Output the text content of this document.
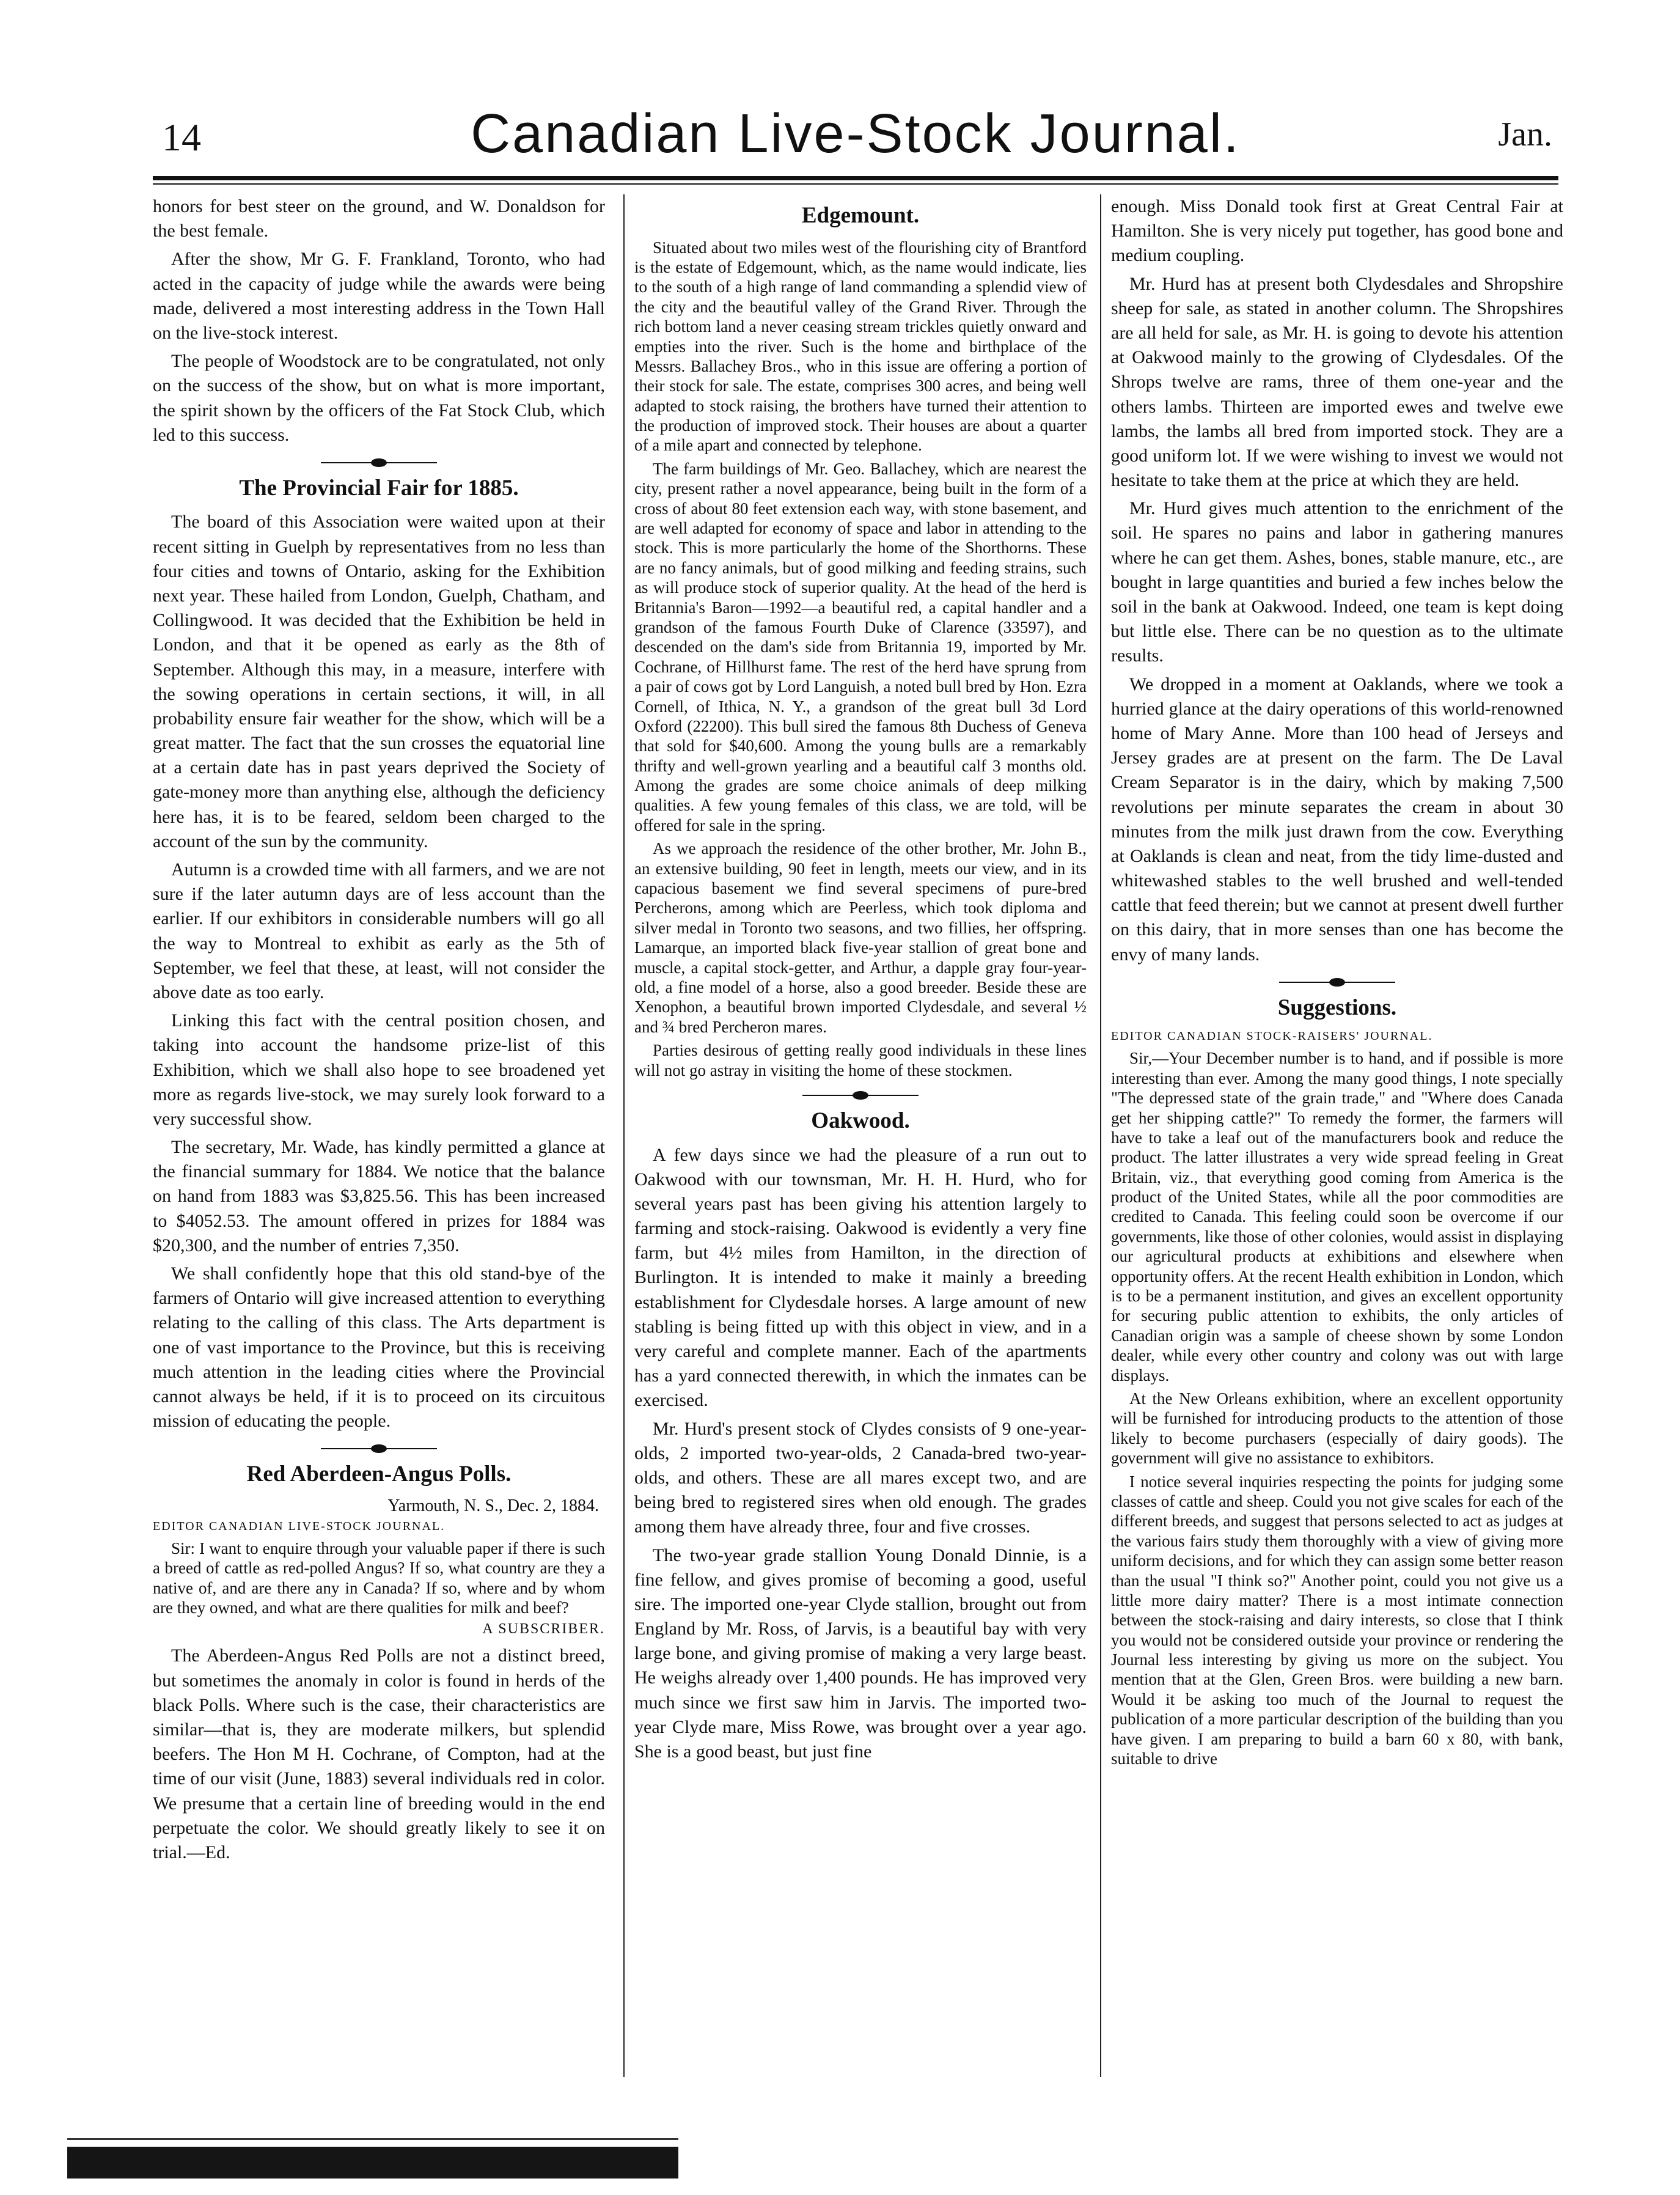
14	Canadian Live-Stock Journal.	Jan.

honors for best steer on the ground, and W. Donaldson for the best female.

After the show, Mr G. F. Frankland, Toronto, who had acted in the capacity of judge while the awards were being made, delivered a most interesting address in the Town Hall on the live-stock interest.

The people of Woodstock are to be congratulated, not only on the success of the show, but on what is more important, the spirit shown by the officers of the Fat Stock Club, which led to this success.

The Provincial Fair for 1885.

The board of this Association were waited upon at their recent sitting in Guelph by representatives from no less than four cities and towns of Ontario, asking for the Exhibition next year. These hailed from London, Guelph, Chatham, and Collingwood. It was decided that the Exhibition be held in London, and that it be opened as early as the 8th of September. Although this may, in a measure, interfere with the sowing operations in certain sections, it will, in all probability ensure fair weather for the show, which will be a great matter. The fact that the sun crosses the equatorial line at a certain date has in past years deprived the Society of gate-money more than anything else, although the deficiency here has, it is to be feared, seldom been charged to the account of the sun by the community.

Autumn is a crowded time with all farmers, and we are not sure if the later autumn days are of less account than the earlier. If our exhibitors in considerable numbers will go all the way to Montreal to exhibit as early as the 5th of September, we feel that these, at least, will not consider the above date as too early.

Linking this fact with the central position chosen, and taking into account the handsome prize-list of this Exhibition, which we shall also hope to see broadened yet more as regards live-stock, we may surely look forward to a very successful show.

The secretary, Mr. Wade, has kindly permitted a glance at the financial summary for 1884. We notice that the balance on hand from 1883 was $3,825.56. This has been increased to $4052.53. The amount offered in prizes for 1884 was $20,300, and the number of entries 7,350.

We shall confidently hope that this old stand-bye of the farmers of Ontario will give increased attention to everything relating to the calling of this class. The Arts department is one of vast importance to the Province, but this is receiving much attention in the leading cities where the Provincial cannot always be held, if it is to proceed on its circuitous mission of educating the people.

Red Aberdeen-Angus Polls.

Yarmouth, N. S., Dec. 2, 1884.

EDITOR CANADIAN LIVE-STOCK JOURNAL.

Sir: I want to enquire through your valuable paper if there is such a breed of cattle as red-polled Angus? If so, what country are they a native of, and are there any in Canada? If so, where and by whom are they owned, and what are there qualities for milk and beef?

A SUBSCRIBER.

The Aberdeen-Angus Red Polls are not a distinct breed, but sometimes the anomaly in color is found in herds of the black Polls. Where such is the case, their characteristics are similar—that is, they are moderate milkers, but splendid beefers. The Hon M H. Cochrane, of Compton, had at the time of our visit (June, 1883) several individuals red in color. We presume that a certain line of breeding would in the end perpetuate the color. We should greatly likely to see it on trial.—Ed.

Edgemount.

Situated about two miles west of the flourishing city of Brantford is the estate of Edgemount, which, as the name would indicate, lies to the south of a high range of land commanding a splendid view of the city and the beautiful valley of the Grand River. Through the rich bottom land a never ceasing stream trickles quietly onward and empties into the river. Such is the home and birthplace of the Messrs. Ballachey Bros., who in this issue are offering a portion of their stock for sale. The estate, comprises 300 acres, and being well adapted to stock raising, the brothers have turned their attention to the production of improved stock. Their houses are about a quarter of a mile apart and connected by telephone.

The farm buildings of Mr. Geo. Ballachey, which are nearest the city, present rather a novel appearance, being built in the form of a cross of about 80 feet extension each way, with stone basement, and are well adapted for economy of space and labor in attending to the stock. This is more particularly the home of the Shorthorns. These are no fancy animals, but of good milking and feeding strains, such as will produce stock of superior quality. At the head of the herd is Britannia's Baron—1992—a beautiful red, a capital handler and a grandson of the famous Fourth Duke of Clarence (33597), and descended on the dam's side from Britannia 19, imported by Mr. Cochrane, of Hillhurst fame. The rest of the herd have sprung from a pair of cows got by Lord Languish, a noted bull bred by Hon. Ezra Cornell, of Ithica, N. Y., a grandson of the great bull 3d Lord Oxford (22200). This bull sired the famous 8th Duchess of Geneva that sold for $40,600. Among the young bulls are a remarkably thrifty and well-grown yearling and a beautiful calf 3 months old. Among the grades are some choice animals of deep milking qualities. A few young females of this class, we are told, will be offered for sale in the spring.

As we approach the residence of the other brother, Mr. John B., an extensive building, 90 feet in length, meets our view, and in its capacious basement we find several specimens of pure-bred Percherons, among which are Peerless, which took diploma and silver medal in Toronto two seasons, and two fillies, her offspring. Lamarque, an imported black five-year stallion of great bone and muscle, a capital stock-getter, and Arthur, a dapple gray four-year-old, a fine model of a horse, also a good breeder. Beside these are Xenophon, a beautiful brown imported Clydesdale, and several ½ and ¾ bred Percheron mares.

Parties desirous of getting really good individuals in these lines will not go astray in visiting the home of these stockmen.

Oakwood.

A few days since we had the pleasure of a run out to Oakwood with our townsman, Mr. H. H. Hurd, who for several years past has been giving his attention largely to farming and stock-raising. Oakwood is evidently a very fine farm, but 4½ miles from Hamilton, in the direction of Burlington. It is intended to make it mainly a breeding establishment for Clydesdale horses. A large amount of new stabling is being fitted up with this object in view, and in a very careful and complete manner. Each of the apartments has a yard connected therewith, in which the inmates can be exercised.

Mr. Hurd's present stock of Clydes consists of 9 one-year-olds, 2 imported two-year-olds, 2 Canada-bred two-year-olds, and others. These are all mares except two, and are being bred to registered sires when old enough. The grades among them have already three, four and five crosses.

The two-year grade stallion Young Donald Dinnie, is a fine fellow, and gives promise of becoming a good, useful sire. The imported one-year Clyde stallion, brought out from England by Mr. Ross, of Jarvis, is a beautiful bay with very large bone, and giving promise of making a very large beast. He weighs already over 1,400 pounds. He has improved very much since we first saw him in Jarvis. The imported two-year Clyde mare, Miss Rowe, was brought over a year ago. She is a good beast, but just fine

enough. Miss Donald took first at Great Central Fair at Hamilton. She is very nicely put together, has good bone and medium coupling.

Mr. Hurd has at present both Clydesdales and Shropshire sheep for sale, as stated in another column. The Shropshires are all held for sale, as Mr. H. is going to devote his attention at Oakwood mainly to the growing of Clydesdales. Of the Shrops twelve are rams, three of them one-year and the others lambs. Thirteen are imported ewes and twelve ewe lambs, the lambs all bred from imported stock. They are a good uniform lot. If we were wishing to invest we would not hesitate to take them at the price at which they are held.

Mr. Hurd gives much attention to the enrichment of the soil. He spares no pains and labor in gathering manures where he can get them. Ashes, bones, stable manure, etc., are bought in large quantities and buried a few inches below the soil in the bank at Oakwood. Indeed, one team is kept doing but little else. There can be no question as to the ultimate results.

We dropped in a moment at Oaklands, where we took a hurried glance at the dairy operations of this world-renowned home of Mary Anne. More than 100 head of Jerseys and Jersey grades are at present on the farm. The De Laval Cream Separator is in the dairy, which by making 7,500 revolutions per minute separates the cream in about 30 minutes from the milk just drawn from the cow. Everything at Oaklands is clean and neat, from the tidy lime-dusted and whitewashed stables to the well brushed and well-tended cattle that feed therein; but we cannot at present dwell further on this dairy, that in more senses than one has become the envy of many lands.

Suggestions.

EDITOR CANADIAN STOCK-RAISERS' JOURNAL.

Sir,—Your December number is to hand, and if possible is more interesting than ever. Among the many good things, I note specially "The depressed state of the grain trade," and "Where does Canada get her shipping cattle?" To remedy the former, the farmers will have to take a leaf out of the manufacturers book and reduce the product. The latter illustrates a very wide spread feeling in Great Britain, viz., that everything good coming from America is the product of the United States, while all the poor commodities are credited to Canada. This feeling could soon be overcome if our governments, like those of other colonies, would assist in displaying our agricultural products at exhibitions and elsewhere when opportunity offers. At the recent Health exhibition in London, which is to be a permanent institution, and gives an excellent opportunity for securing public attention to exhibits, the only articles of Canadian origin was a sample of cheese shown by some London dealer, while every other country and colony was out with large displays.

At the New Orleans exhibition, where an excellent opportunity will be furnished for introducing products to the attention of those likely to become purchasers (especially of dairy goods). The government will give no assistance to exhibitors.

I notice several inquiries respecting the points for judging some classes of cattle and sheep. Could you not give scales for each of the different breeds, and suggest that persons selected to act as judges at the various fairs study them thoroughly with a view of giving more uniform decisions, and for which they can assign some better reason than the usual "I think so?" Another point, could you not give us a little more dairy matter? There is a most intimate connection between the stock-raising and dairy interests, so close that I think you would not be considered outside your province or rendering the Journal less interesting by giving us more on the subject. You mention that at the Glen, Green Bros. were building a new barn. Would it be asking too much of the Journal to request the publication of a more particular description of the building than you have given. I am preparing to build a barn 60 x 80, with bank, suitable to drive
